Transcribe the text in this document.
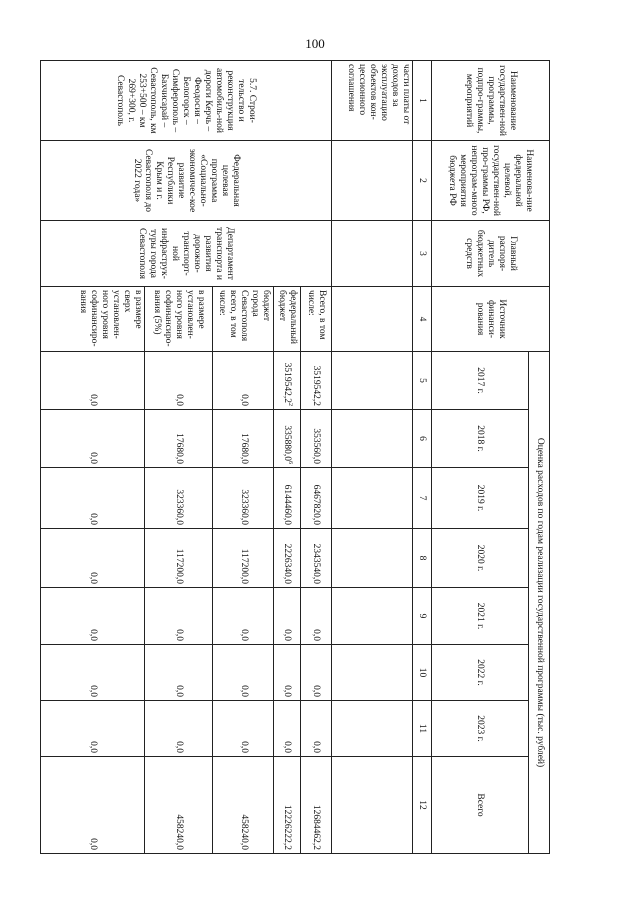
100
Наименование государствен-ной программы, подпро-граммы, мероприятий	Наименова-ние федеральной целевой, государствен-ной про-граммы РФ, непрограм-много мероприятия бюджета РФ	Главный распоря-дитель бюджетных средств	Источник финанси-рования	Оценка расходов по годам реализации государственной программы (тыс. рублей)							
				2017 г.	2018 г.	2019 г.	2020 г.	2021 г.	2022 г.	2023 г.	Всего
1	2	3	4	5	6	7	8	9	10	11	12
части платы от доходов за эксплуатацию объектов кон-цессионного соглашения											
5.7. Строи-тельство и реконструкция автомобиль-ной дороги Керчь – Феодосия – Белогорск – Симферополь – Бахчисарай – Севастополь, км 253+500 – км 269+300, г. Севастополь	Федеральная целевая программа «Социально-экономичес-кое развитие Республики Крым и г. Севастополя до 2022 года»	Департамент транспорта и развития дорожно-транспорт-ной инфраструк-туры города Севастополя	Всего, в том числе:	3519542,2	353560,0	6467820,0	2343540,0	0,0	0,0	0,0	12684462,2
			федеральный бюджет	3519542,2$^2$	335880,0$^6$	6144460,0	2226340,0	0,0	0,0	0,0	12226222,2
			бюджет города Севастополя всего, в том числе:	0,0	17680,0	323360,0	117200,0	0,0	0,0	0,0	458240,0
			в размере установлен-ного уровня софинансиро-вания (5%)	0,0	17680,0	323360,0	117200,0	0,0	0,0	0,0	458240,0
			в размере сверх установлен-ного уровня софинансиро-вания	0,0	0,0	0,0	0,0	0,0	0,0	0,0	0,0
